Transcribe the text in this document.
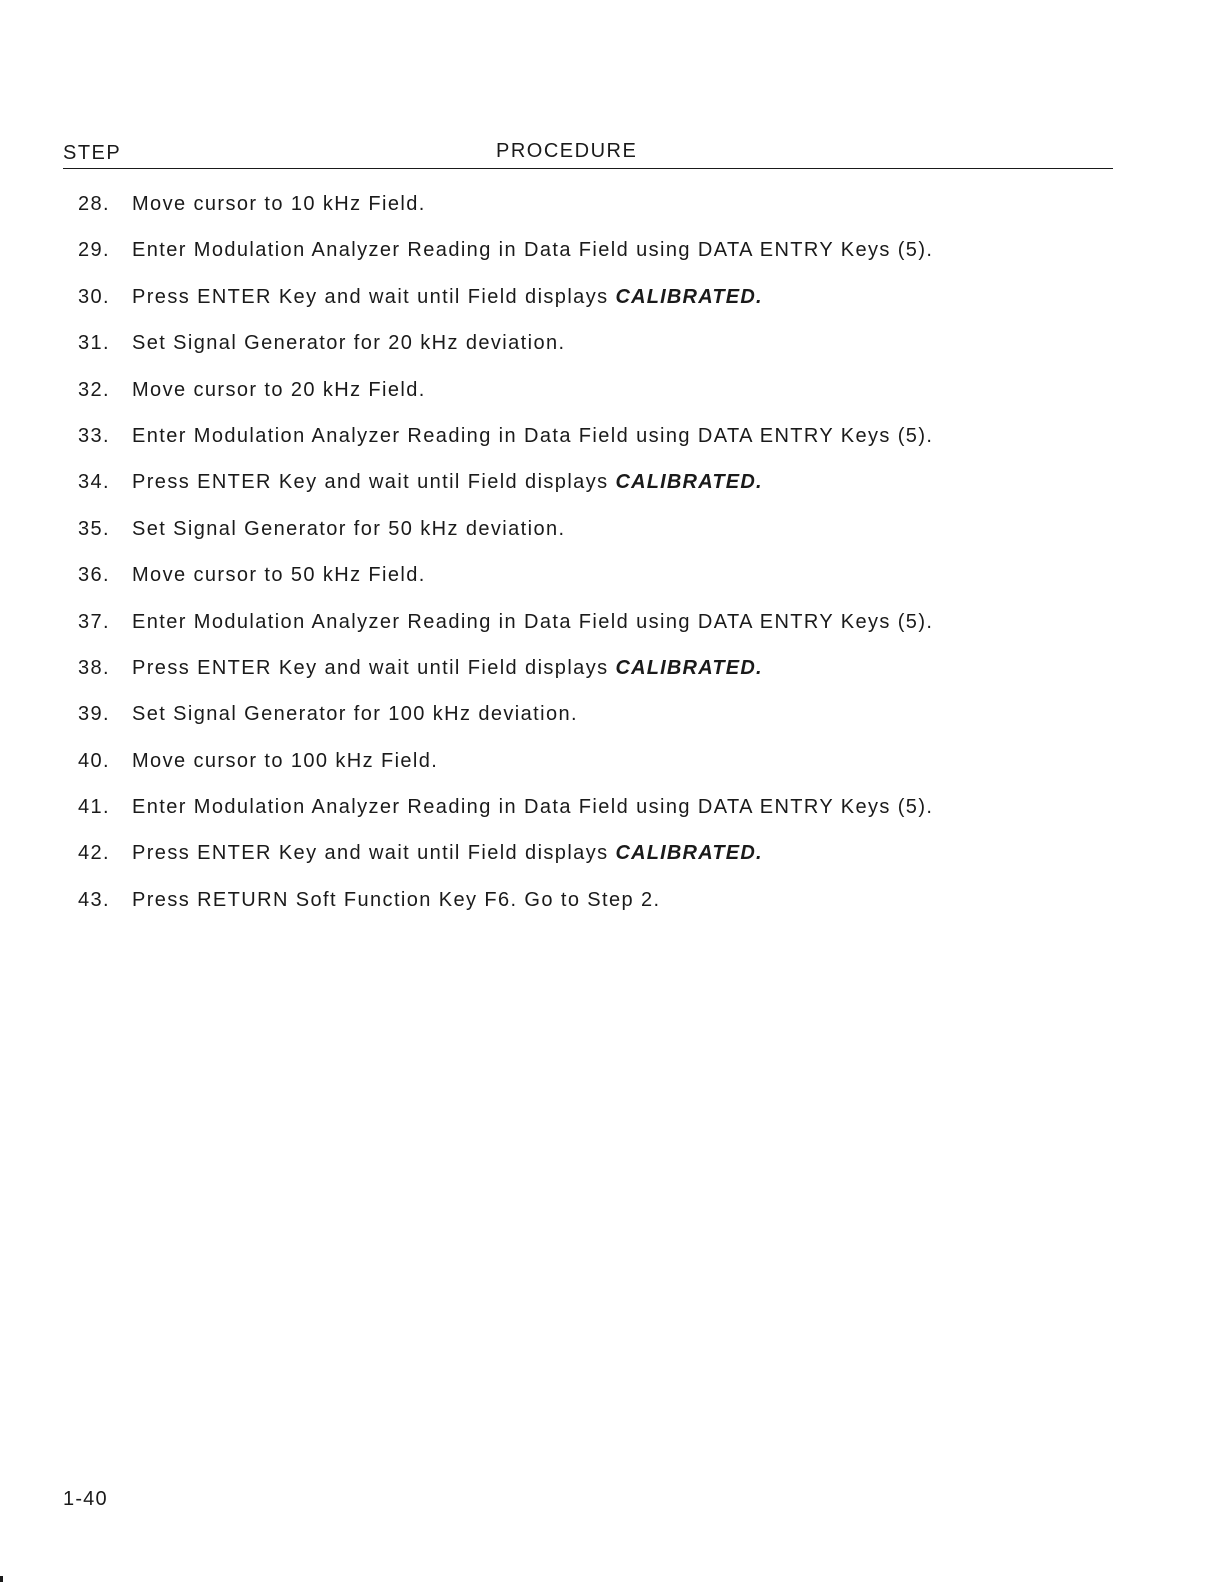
STEP	PROCEDURE
28. Move cursor to 10 kHz Field.
29. Enter Modulation Analyzer Reading in Data Field using DATA ENTRY Keys (5).
30. Press ENTER Key and wait until Field displays CALIBRATED.
31. Set Signal Generator for 20 kHz deviation.
32. Move cursor to 20 kHz Field.
33. Enter Modulation Analyzer Reading in Data Field using DATA ENTRY Keys (5).
34. Press ENTER Key and wait until Field displays CALIBRATED.
35. Set Signal Generator for 50 kHz deviation.
36. Move cursor to 50 kHz Field.
37. Enter Modulation Analyzer Reading in Data Field using DATA ENTRY Keys (5).
38. Press ENTER Key and wait until Field displays CALIBRATED.
39. Set Signal Generator for 100 kHz deviation.
40. Move cursor to 100 kHz Field.
41. Enter Modulation Analyzer Reading in Data Field using DATA ENTRY Keys (5).
42. Press ENTER Key and wait until Field displays CALIBRATED.
43. Press RETURN Soft Function Key F6. Go to Step 2.
1-40
